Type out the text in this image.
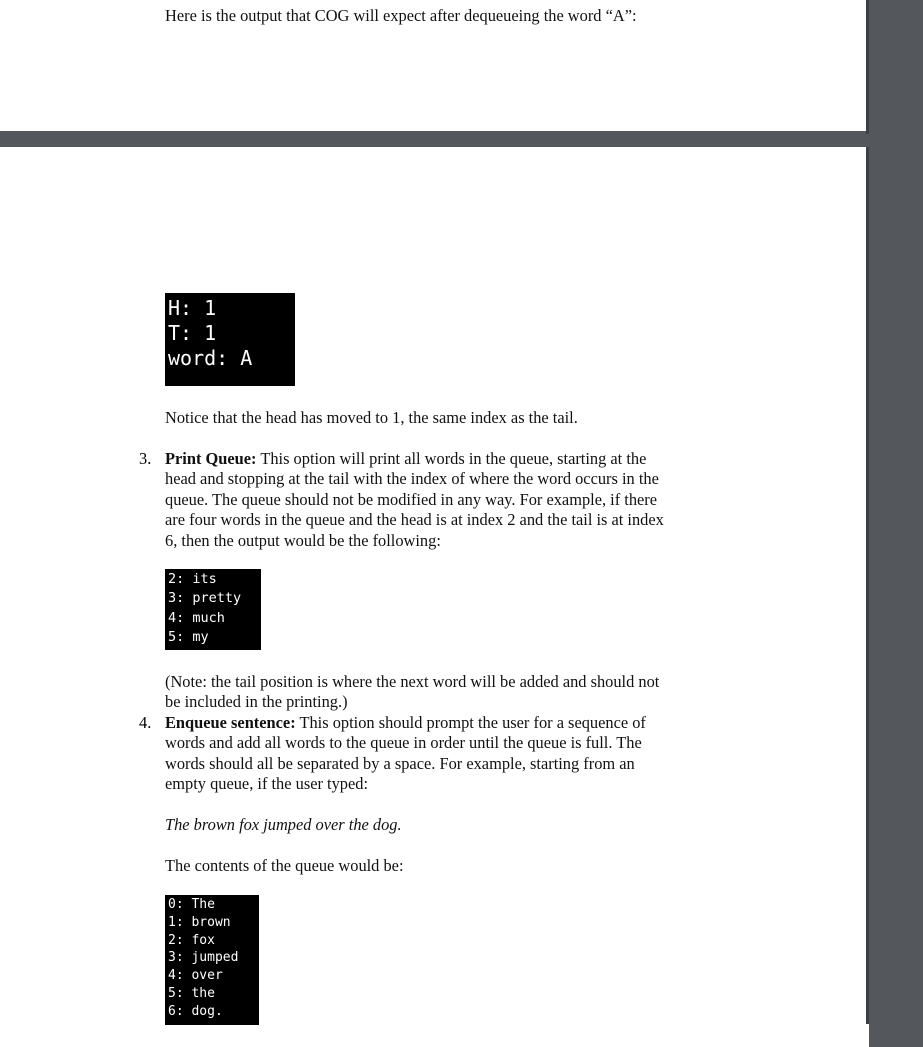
Here is the output that COG will expect after dequeueing the word “A”:
H: 1
T: 1
word: A
Notice that the head has moved to 1, the same index as the tail.
3. Print Queue: This option will print all words in the queue, starting at the
head and stopping at the tail with the index of where the word occurs in the
queue. The queue should not be modified in any way. For example, if there
are four words in the queue and the head is at index 2 and the tail is at index
6, then the output would be the following:
2: its
3: pretty
4: much
5: my
(Note: the tail position is where the next word will be added and should not
be included in the printing.)
4. Enqueue sentence: This option should prompt the user for a sequence of
words and add all words to the queue in order until the queue is full. The
words should all be separated by a space. For example, starting from an
empty queue, if the user typed:
The brown fox jumped over the dog.
The contents of the queue would be:
0: The
1: brown
2: fox
3: jumped
4: over
5: the
6: dog.
